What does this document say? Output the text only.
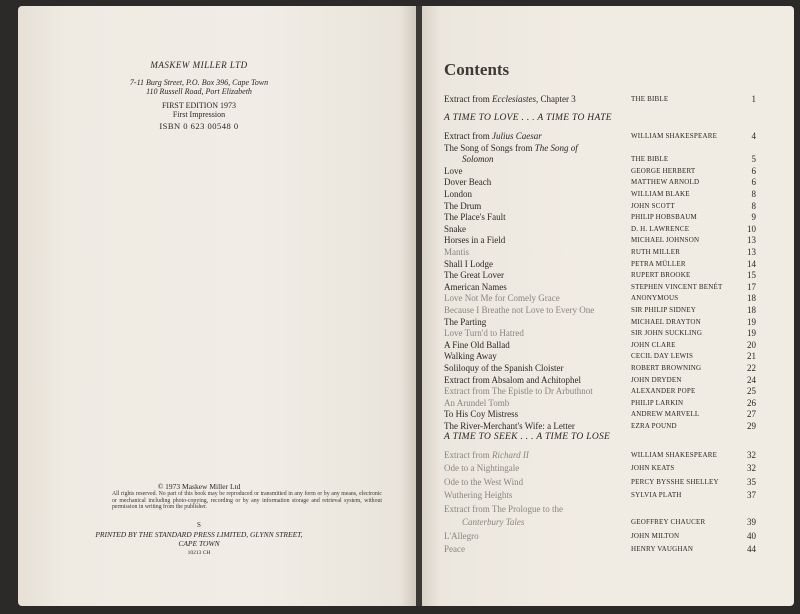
MASKEW MILLER LTD
7-11 Burg Street, P.O. Box 396, Cape Town
110 Russell Road, Port Elizabeth
FIRST EDITION 1973
First Impression
ISBN 0 623 00548 0
© 1973 Maskew Miller Ltd
All rights reserved. No part of this book may be reproduced or transmitted in any form or by any means, electronic or mechanical including photo-copying, recording or by any information storage and retrieval system, without permission in writing from the publisher.
S
PRINTED BY THE STANDARD PRESS LIMITED, GLYNN STREET,
CAPE TOWN
10213 CH
Contents
Extract from Ecclesiastes, Chapter 3	THE BIBLE	1
A TIME TO LOVE . . . A TIME TO HATE
Extract from Julius Caesar	WILLIAM SHAKESPEARE	4
The Song of Songs from The Song of
Solomon	THE BIBLE	5
Love	GEORGE HERBERT	6
Dover Beach	MATTHEW ARNOLD	6
London	WILLIAM BLAKE	8
The Drum	JOHN SCOTT	8
The Place's Fault	PHILIP HOBSBAUM	9
Snake	D. H. LAWRENCE	10
Horses in a Field	MICHAEL JOHNSON	13
Mantis	RUTH MILLER	13
Shall I Lodge	PETRA MÜLLER	14
The Great Lover	RUPERT BROOKE	15
American Names	STEPHEN VINCENT BENÉT	17
Love Not Me for Comely Grace	ANONYMOUS	18
Because I Breathe not Love to Every One	SIR PHILIP SIDNEY	18
The Parting	MICHAEL DRAYTON	19
Love Turn'd to Hatred	SIR JOHN SUCKLING	19
A Fine Old Ballad	JOHN CLARE	20
Walking Away	CECIL DAY LEWIS	21
Soliloquy of the Spanish Cloister	ROBERT BROWNING	22
Extract from Absalom and Achitophel	JOHN DRYDEN	24
Extract from The Epistle to Dr Arbuthnot	ALEXANDER POPE	25
An Arundel Tomb	PHILIP LARKIN	26
To His Coy Mistress	ANDREW MARVELL	27
The River-Merchant's Wife: a Letter	EZRA POUND	29
A TIME TO SEEK . . . A TIME TO LOSE
Extract from Richard II	WILLIAM SHAKESPEARE	32
Ode to a Nightingale	JOHN KEATS	32
Ode to the West Wind	PERCY BYSSHE SHELLEY	35
Wuthering Heights	SYLVIA PLATH	37
Extract from The Prologue to the
Canterbury Tales	GEOFFREY CHAUCER	39
L'Allegro	JOHN MILTON	40
Peace	HENRY VAUGHAN	44
